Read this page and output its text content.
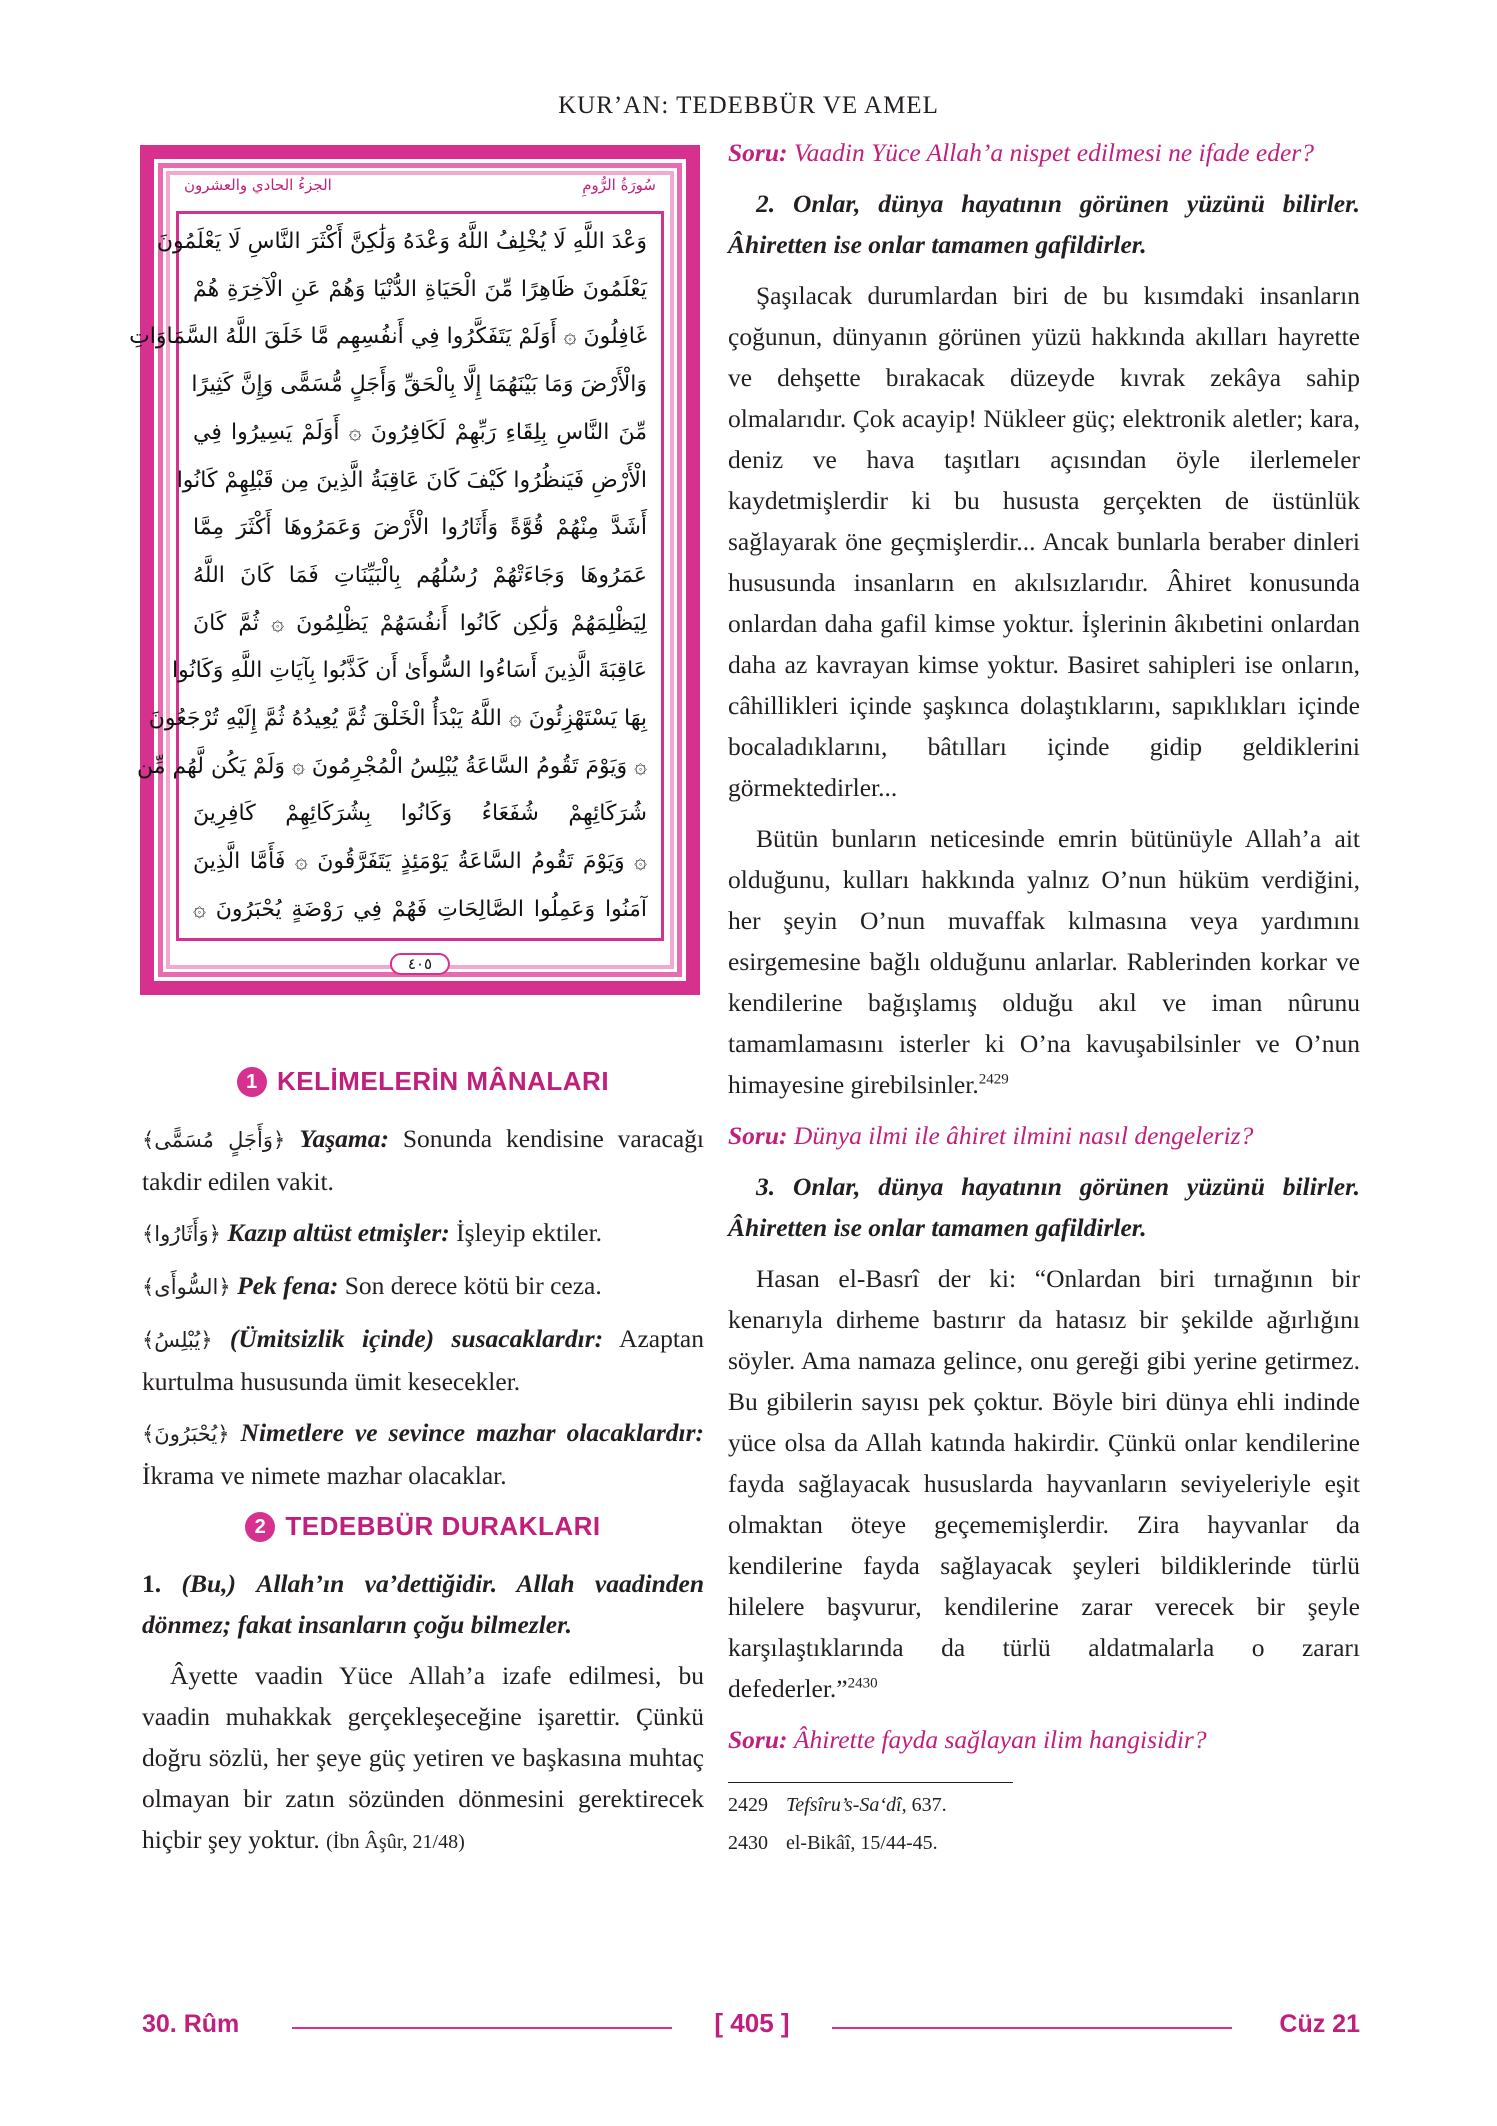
KUR’AN: TEDEBBÜR VE AMEL
سُورَةُ الرُّومِ
الجزءُ الحادي والعشرون
وَعْدَ اللَّهِ لَا يُخْلِفُ اللَّهُ وَعْدَهُ وَلَٰكِنَّ أَكْثَرَ النَّاسِ لَا يَعْلَمُونَ
يَعْلَمُونَ ظَاهِرًا مِّنَ الْحَيَاةِ الدُّنْيَا وَهُمْ عَنِ الْآخِرَةِ هُمْ
غَافِلُونَ ۞ أَوَلَمْ يَتَفَكَّرُوا فِي أَنفُسِهِم مَّا خَلَقَ اللَّهُ السَّمَاوَاتِ
وَالْأَرْضَ وَمَا بَيْنَهُمَا إِلَّا بِالْحَقِّ وَأَجَلٍ مُّسَمًّى وَإِنَّ كَثِيرًا
مِّنَ النَّاسِ بِلِقَاءِ رَبِّهِمْ لَكَافِرُونَ ۞ أَوَلَمْ يَسِيرُوا فِي
الْأَرْضِ فَيَنظُرُوا كَيْفَ كَانَ عَاقِبَةُ الَّذِينَ مِن قَبْلِهِمْ كَانُوا
أَشَدَّ مِنْهُمْ قُوَّةً وَأَثَارُوا الْأَرْضَ وَعَمَرُوهَا أَكْثَرَ مِمَّا
عَمَرُوهَا وَجَاءَتْهُمْ رُسُلُهُم بِالْبَيِّنَاتِ فَمَا كَانَ اللَّهُ
لِيَظْلِمَهُمْ وَلَٰكِن كَانُوا أَنفُسَهُمْ يَظْلِمُونَ ۞ ثُمَّ كَانَ
عَاقِبَةَ الَّذِينَ أَسَاءُوا السُّوأَىٰ أَن كَذَّبُوا بِآيَاتِ اللَّهِ وَكَانُوا
بِهَا يَسْتَهْزِئُونَ ۞ اللَّهُ يَبْدَأُ الْخَلْقَ ثُمَّ يُعِيدُهُ ثُمَّ إِلَيْهِ تُرْجَعُونَ
۞ وَيَوْمَ تَقُومُ السَّاعَةُ يُبْلِسُ الْمُجْرِمُونَ ۞ وَلَمْ يَكُن لَّهُم مِّن
شُرَكَائِهِمْ شُفَعَاءُ وَكَانُوا بِشُرَكَائِهِمْ كَافِرِينَ
۞ وَيَوْمَ تَقُومُ السَّاعَةُ يَوْمَئِذٍ يَتَفَرَّقُونَ ۞ فَأَمَّا الَّذِينَ
آمَنُوا وَعَمِلُوا الصَّالِحَاتِ فَهُمْ فِي رَوْضَةٍ يُحْبَرُونَ ۞
٤٠٥
1 KELİMELERİN MÂNALARI

﴿وَأَجَلٍ مُسَمًّى﴾ Yaşama: Sonunda kendisine varacağı takdir edilen vakit.

﴿وَأَثَارُوا﴾ Kazıp altüst etmişler: İşleyip ektiler.

﴿السُّوأَى﴾ Pek fena: Son derece kötü bir ceza.

﴿يُبْلِسُ﴾ (Ümitsizlik içinde) susacaklardır: Azaptan kurtulma hususunda ümit kesecekler.

﴿يُحْبَرُونَ﴾ Nimetlere ve sevince mazhar olacaklardır: İkrama ve nimete mazhar olacaklar.

2 TEDEBBÜR DURAKLARI

1. (Bu,) Allah’ın va’dettiğidir. Allah vaadinden dönmez; fakat insanların çoğu bilmezler.

Âyette vaadin Yüce Allah’a izafe edilmesi, bu vaadin muhakkak gerçekleşeceğine işarettir. Çünkü doğru sözlü, her şeye güç yetiren ve başkasına muhtaç olmayan bir zatın sözünden dönmesini gerektirecek hiçbir şey yoktur. (İbn Âşûr, 21/48)

Soru: Vaadin Yüce Allah’a nispet edilmesi ne ifade eder?

2. Onlar, dünya hayatının görünen yüzünü bilirler. Âhiretten ise onlar tamamen gafildirler.

Şaşılacak durumlardan biri de bu kısımdaki insanların çoğunun, dünyanın görünen yüzü hakkında akılları hayrette ve dehşette bırakacak düzeyde kıvrak zekâya sahip olmalarıdır. Çok acayip! Nükleer güç; elektronik aletler; kara, deniz ve hava taşıtları açısından öyle ilerlemeler kaydetmişlerdir ki bu hususta gerçekten de üstünlük sağlayarak öne geçmişlerdir... Ancak bunlarla beraber dinleri hususunda insanların en akılsızlarıdır. Âhiret konusunda onlardan daha gafil kimse yoktur. İşlerinin âkıbetini onlardan daha az kavrayan kimse yoktur. Basiret sahipleri ise onların, câhillikleri içinde şaşkınca dolaştıklarını, sapıklıkları içinde bocaladıklarını, bâtılları içinde gidip geldiklerini görmektedirler...

Bütün bunların neticesinde emrin bütünüyle Allah’a ait olduğunu, kulları hakkında yalnız O’nun hüküm verdiğini, her şeyin O’nun muvaffak kılmasına veya yardımını esirgemesine bağlı olduğunu anlarlar. Rablerinden korkar ve kendilerine bağışlamış olduğu akıl ve iman nûrunu tamamlamasını isterler ki O’na kavuşabilsinler ve O’nun himayesine girebilsinler.$^{2429}$

Soru: Dünya ilmi ile âhiret ilmini nasıl dengeleriz?

3. Onlar, dünya hayatının görünen yüzünü bilirler. Âhiretten ise onlar tamamen gafildirler.

Hasan el-Basrî der ki: “Onlardan biri tırnağının bir kenarıyla dirheme bastırır da hatasız bir şekilde ağırlığını söyler. Ama namaza gelince, onu gereği gibi yerine getirmez. Bu gibilerin sayısı pek çoktur. Böyle biri dünya ehli indinde yüce olsa da Allah katında hakirdir. Çünkü onlar kendilerine fayda sağlayacak hususlarda hayvanların seviyeleriyle eşit olmaktan öteye geçememişlerdir. Zira hayvanlar da kendilerine fayda sağlayacak şeyleri bildiklerinde türlü hilelere başvurur, kendilerine zarar verecek bir şeyle karşılaştıklarında da türlü aldatmalarla o zararı defederler.”$^{2430}$

Soru: Âhirette fayda sağlayan ilim hangisidir?

2429 Tefsîru’s-Sa‘dî, 637.

2430 el-Bikâî, 15/44-45.

30. Rûm	[ 405 ]	Cüz 21
